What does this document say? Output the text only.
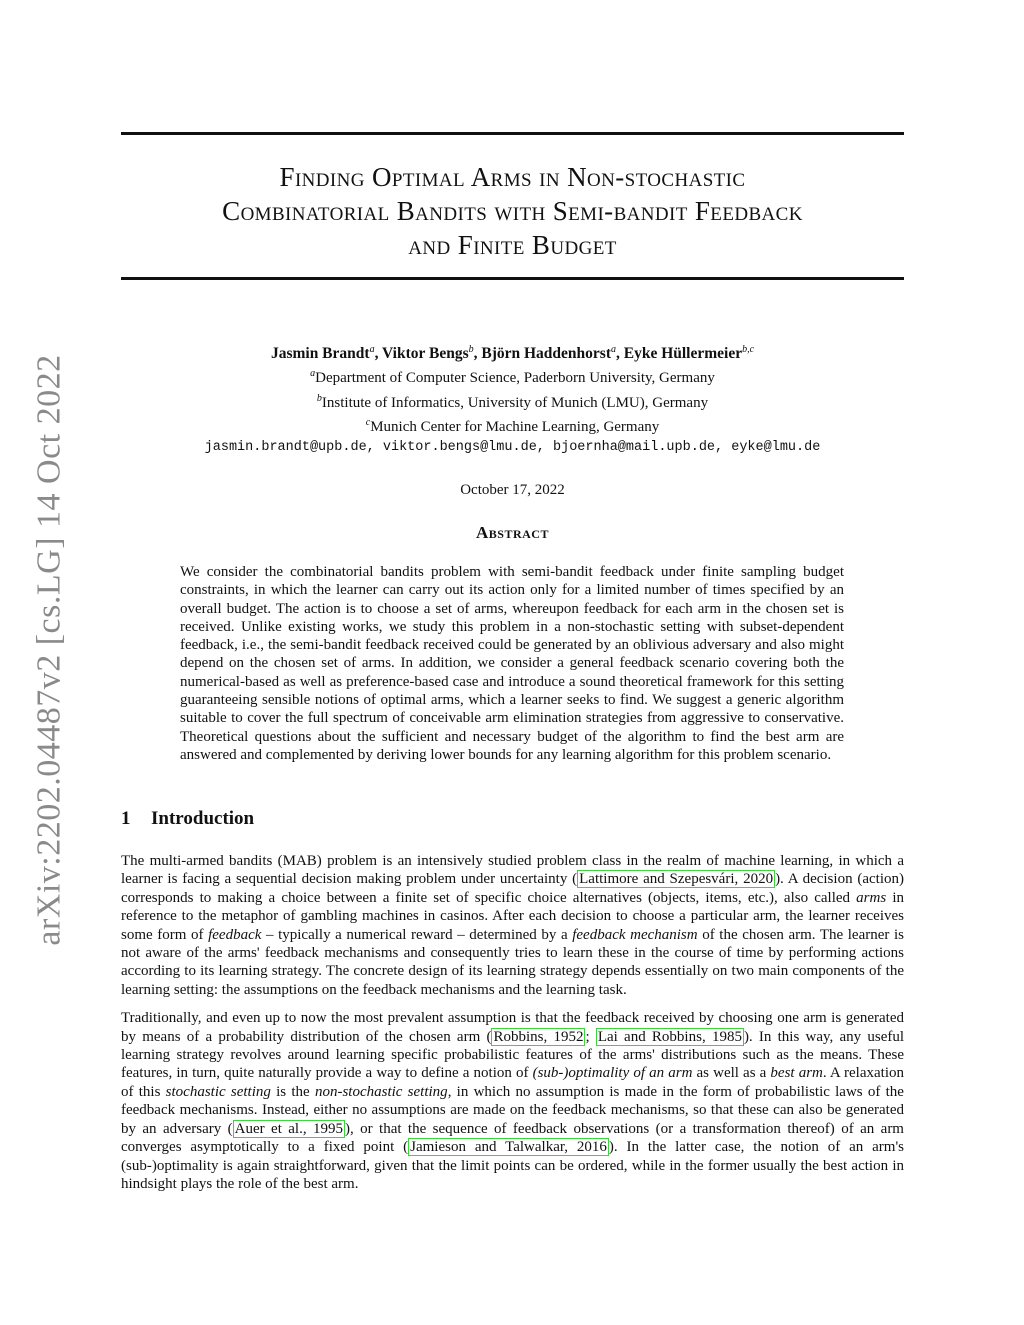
arXiv:2202.04487v2 [cs.LG] 14 Oct 2022
Finding Optimal Arms in Non-stochastic
Combinatorial Bandits with Semi-bandit Feedback
and Finite Budget
Jasmin Brandt$^a$, Viktor Bengs$^b$, Björn Haddenhorst$^a$, Eyke Hüllermeier$^{b,c}$
$^a$Department of Computer Science, Paderborn University, Germany
$^b$Institute of Informatics, University of Munich (LMU), Germany
$^c$Munich Center for Machine Learning, Germany
jasmin.brandt@upb.de, viktor.bengs@lmu.de, bjoernha@mail.upb.de, eyke@lmu.de
October 17, 2022
Abstract

We consider the combinatorial bandits problem with semi-bandit feedback under finite sampling budget constraints, in which the learner can carry out its action only for a limited number of times specified by an overall budget. The action is to choose a set of arms, whereupon feedback for each arm in the chosen set is received. Unlike existing works, we study this problem in a non-stochastic setting with subset-dependent feedback, i.e., the semi-bandit feedback received could be generated by an oblivious adversary and also might depend on the chosen set of arms. In addition, we consider a general feedback scenario covering both the numerical-based as well as preference-based case and introduce a sound theoretical framework for this setting guaranteeing sensible notions of optimal arms, which a learner seeks to find. We suggest a generic algorithm suitable to cover the full spectrum of conceivable arm elimination strategies from aggressive to conservative. Theoretical questions about the sufficient and necessary budget of the algorithm to find the best arm are answered and complemented by deriving lower bounds for any learning algorithm for this problem scenario.

1 Introduction

The multi-armed bandits (MAB) problem is an intensively studied problem class in the realm of machine learning, in which a learner is facing a sequential decision making problem under uncertainty ( Lattimore and Szepesvári, 2020 ). A decision (action) corresponds to making a choice between a finite set of specific choice alternatives (objects, items, etc.), also called arms in reference to the metaphor of gambling machines in casinos. After each decision to choose a particular arm, the learner receives some form of feedback – typically a numerical reward – determined by a feedback mechanism of the chosen arm. The learner is not aware of the arms' feedback mechanisms and consequently tries to learn these in the course of time by performing actions according to its learning strategy. The concrete design of its learning strategy depends essentially on two main components of the learning setting: the assumptions on the feedback mechanisms and the learning task.

Traditionally, and even up to now the most prevalent assumption is that the feedback received by choosing one arm is generated by means of a probability distribution of the chosen arm ( Robbins, 1952 ; Lai and Robbins, 1985 ). In this way, any useful learning strategy revolves around learning specific probabilistic features of the arms' distributions such as the means. These features, in turn, quite naturally provide a way to define a notion of (sub-)optimality of an arm as well as a best arm. A relaxation of this stochastic setting is the non-stochastic setting, in which no assumption is made in the form of probabilistic laws of the feedback mechanisms. Instead, either no assumptions are made on the feedback mechanisms, so that these can also be generated by an adversary ( Auer et al., 1995 ), or that the sequence of feedback observations (or a transformation thereof) of an arm converges asymptotically to a fixed point ( Jamieson and Talwalkar, 2016 ). In the latter case, the notion of an arm's (sub-)optimality is again straightforward, given that the limit points can be ordered, while in the former usually the best action in hindsight plays the role of the best arm.
